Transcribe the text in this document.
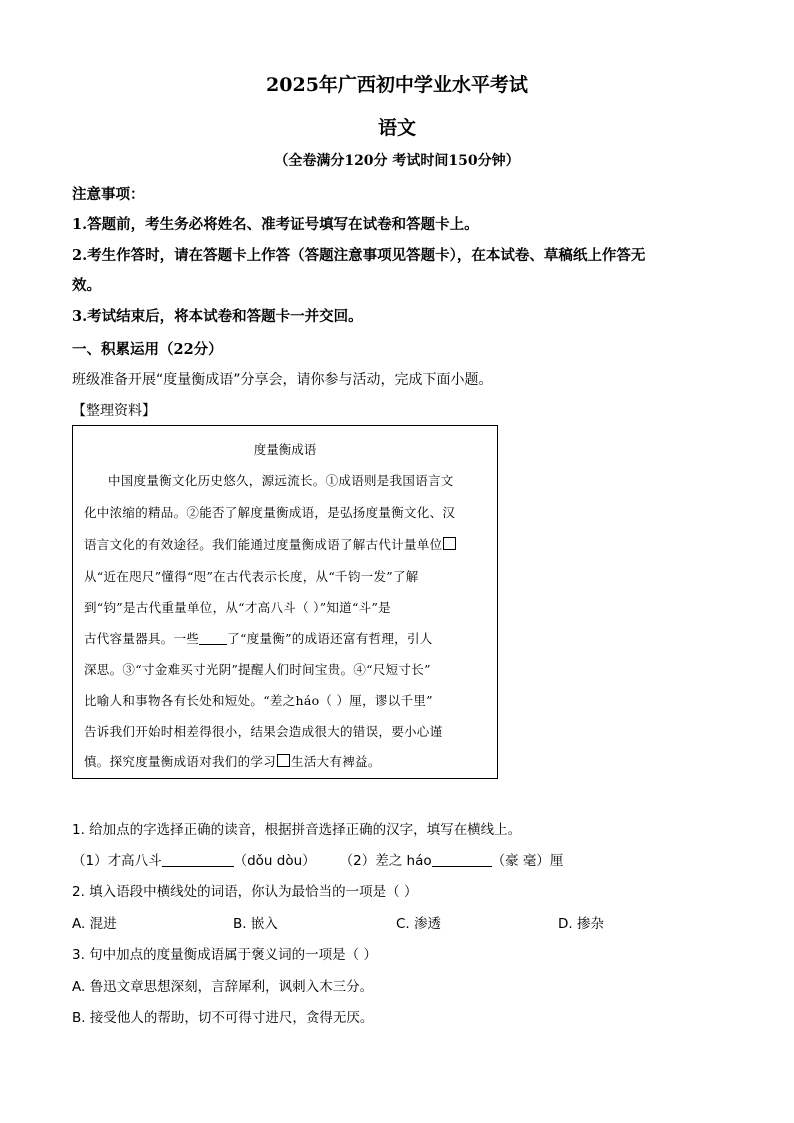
2025年广西初中学业水平考试
语文
（全卷满分120分 考试时间150分钟）
注意事项：
1.答题前，考生务必将姓名、准考证号填写在试卷和答题卡上。
2.考生作答时，请在答题卡上作答（答题注意事项见答题卡），在本试卷、草稿纸上作答无
效。
3.考试结束后，将本试卷和答题卡一并交回。
一、积累运用（22分）
班级准备开展“度量衡成语”分享会，请你参与活动，完成下面小题。
【整理资料】
度量衡成语
中国度量衡文化历史悠久，源远流长。①成语则是我国语言文
化中浓缩的精品。②能否了解度量衡成语，是弘扬度量衡文化、汉
语言文化的有效途径。我们能通过度量衡成语了解古代计量单位
从“近在咫尺”懂得“咫”在古代表示长度，从“千钧一发”了解
到“钧”是古代重量单位，从“才高八斗（ ）”知道“斗”是
古代容量器具。一些 了“度量衡”的成语还富有哲理，引人
深思。③“寸金难买寸光阴”提醒人们时间宝贵。④“尺短寸长”
比喻人和事物各有长处和短处。“差之háo（ ）厘，谬以千里”
告诉我们开始时相差得很小，结果会造成很大的错误，要小心谨
慎。探究度量衡成语对我们的学习 生活大有裨益。
1. 给加点的字选择正确的读音，根据拼音选择正确的汉字，填写在横线上。
（1）才高八斗	（dǒu dòu） （2）差之 háo	（豪 毫）厘
2. 填入语段中横线处的词语，你认为最恰当的一项是（ ）
A. 混进	B. 嵌入	C. 渗透	D. 掺杂
3. 句中加点的度量衡成语属于褒义词的一项是（ ）
A. 鲁迅文章思想深刻，言辞犀利，讽刺入木三分。
B. 接受他人的帮助，切不可得寸进尺，贪得无厌。
